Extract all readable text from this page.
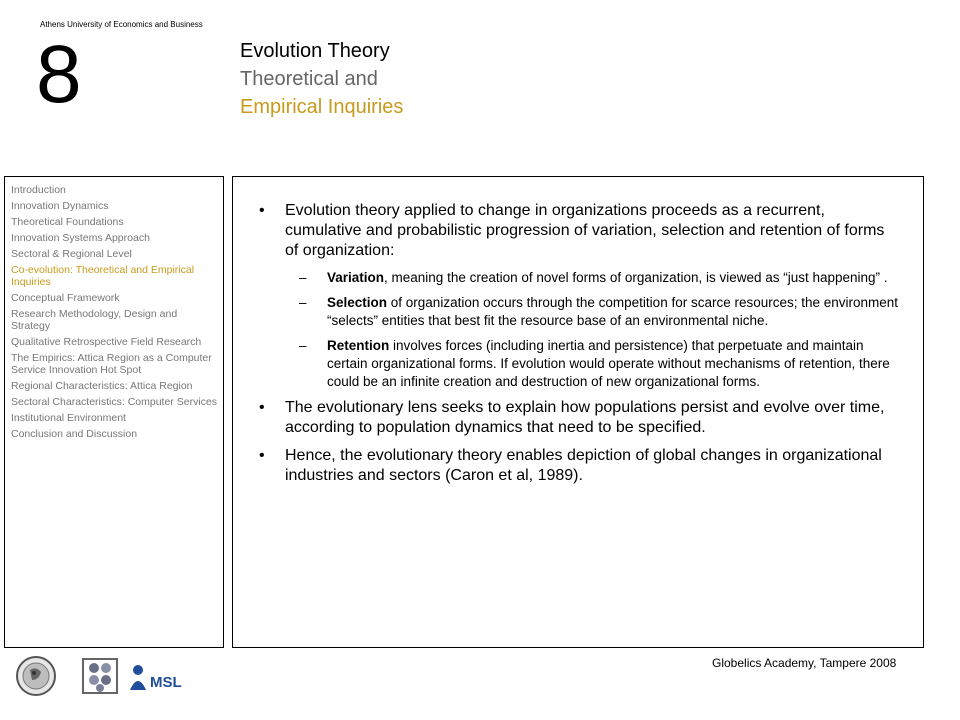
Athens University of Economics and Business
8	Evolution Theory
Theoretical and
Empirical Inquiries
Introduction
Innovation Dynamics
Theoretical Foundations
Innovation Systems Approach
Sectoral & Regional Level
Co-evolution: Theoretical and Empirical Inquiries
Conceptual Framework
Research Methodology, Design and Strategy
Qualitative Retrospective Field Research
The Empirics: Attica Region as a Computer Service Innovation Hot Spot
Regional Characteristics: Attica Region
Sectoral Characteristics: Computer Services
Institutional Environment
Conclusion and Discussion
• Evolution theory applied to change in organizations proceeds as a recurrent, cumulative and probabilistic progression of variation, selection and retention of forms of organization:
– Variation, meaning the creation of novel forms of organization, is viewed as “just happening” .
– Selection of organization occurs through the competition for scarce resources; the environment “selects” entities that best fit the resource base of an environmental niche.
– Retention involves forces (including inertia and persistence) that perpetuate and maintain certain organizational forms. If evolution would operate without mechanisms of retention, there could be an infinite creation and destruction of new organizational forms.
• The evolutionary lens seeks to explain how populations persist and evolve over time, according to population dynamics that need to be specified.
• Hence, the evolutionary theory enables depiction of global changes in organizational industries and sectors (Caron et al, 1989).
MSL
Globelics Academy, Tampere 2008
